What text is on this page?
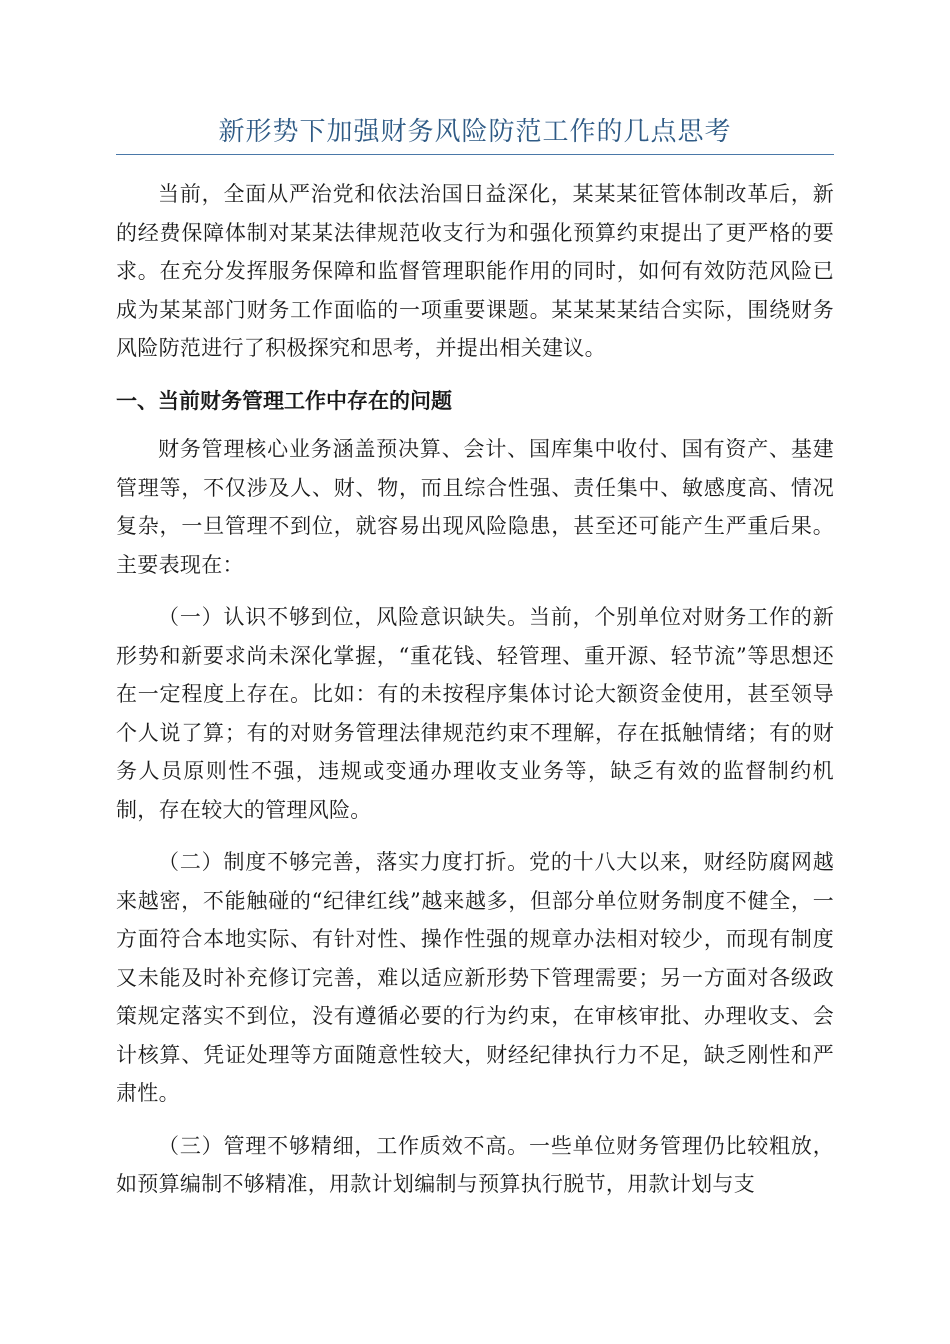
新形势下加强财务风险防范工作的几点思考

当前，全面从严治党和依法治国日益深化，某某某征管体制改革后，新的经费保障体制对某某法律规范收支行为和强化预算约束提出了更严格的要求。在充分发挥服务保障和监督管理职能作用的同时，如何有效防范风险已成为某某部门财务工作面临的一项重要课题。某某某某结合实际，围绕财务风险防范进行了积极探究和思考，并提出相关建议。

一、当前财务管理工作中存在的问题

财务管理核心业务涵盖预决算、会计、国库集中收付、国有资产、基建管理等，不仅涉及人、财、物，而且综合性强、责任集中、敏感度高、情况复杂，一旦管理不到位，就容易出现风险隐患，甚至还可能产生严重后果。主要表现在：

（一）认识不够到位，风险意识缺失。当前，个别单位对财务工作的新形势和新要求尚未深化掌握，“重花钱、轻管理、重开源、轻节流”等思想还在一定程度上存在。比如：有的未按程序集体讨论大额资金使用，甚至领导个人说了算；有的对财务管理法律规范约束不理解，存在抵触情绪；有的财务人员原则性不强，违规或变通办理收支业务等，缺乏有效的监督制约机制，存在较大的管理风险。

（二）制度不够完善，落实力度打折。党的十八大以来，财经防腐网越来越密，不能触碰的“纪律红线”越来越多，但部分单位财务制度不健全，一方面符合本地实际、有针对性、操作性强的规章办法相对较少，而现有制度又未能及时补充修订完善，难以适应新形势下管理需要；另一方面对各级政策规定落实不到位，没有遵循必要的行为约束，在审核审批、办理收支、会计核算、凭证处理等方面随意性较大，财经纪律执行力不足，缺乏刚性和严肃性。

（三）管理不够精细，工作质效不高。一些单位财务管理仍比较粗放，如预算编制不够精准，用款计划编制与预算执行脱节，用款计划与支
